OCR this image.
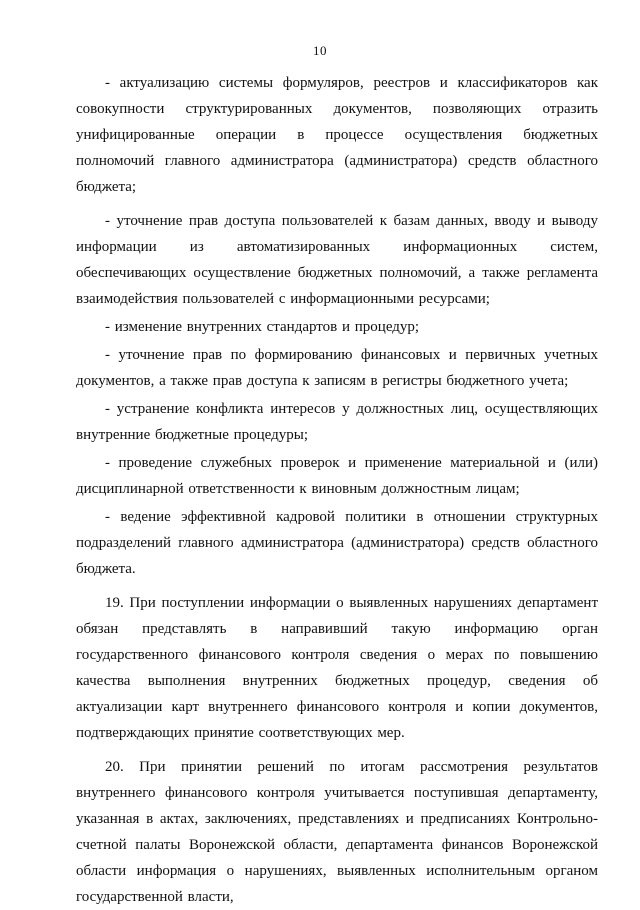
10

- актуализацию системы формуляров, реестров и классификаторов как совокупности структурированных документов, позволяющих отразить унифицированные операции в процессе осуществления бюджетных полномочий главного администратора (администратора) средств областного бюджета;

- уточнение прав доступа пользователей к базам данных, вводу и выводу информации из автоматизированных информационных систем, обеспечивающих осуществление бюджетных полномочий, а также регламента взаимодействия пользователей с информационными ресурсами;

- изменение внутренних стандартов и процедур;

- уточнение прав по формированию финансовых и первичных учетных документов, а также прав доступа к записям в регистры бюджетного учета;

- устранение конфликта интересов у должностных лиц, осуществляющих внутренние бюджетные процедуры;

- проведение служебных проверок и применение материальной и (или) дисциплинарной ответственности к виновным должностным лицам;

- ведение эффективной кадровой политики в отношении структурных подразделений главного администратора (администратора) средств областного бюджета.

19. При поступлении информации о выявленных нарушениях департамент обязан представлять в направивший такую информацию орган государственного финансового контроля сведения о мерах по повышению качества выполнения внутренних бюджетных процедур, сведения об актуализации карт внутреннего финансового контроля и копии документов, подтверждающих принятие соответствующих мер.

20. При принятии решений по итогам рассмотрения результатов внутреннего финансового контроля учитывается поступившая департаменту, указанная в актах, заключениях, представлениях и предписаниях Контрольно-счетной палаты Воронежской области, департамента финансов Воронежской области информация о нарушениях, выявленных исполнительным органом государственной власти,
